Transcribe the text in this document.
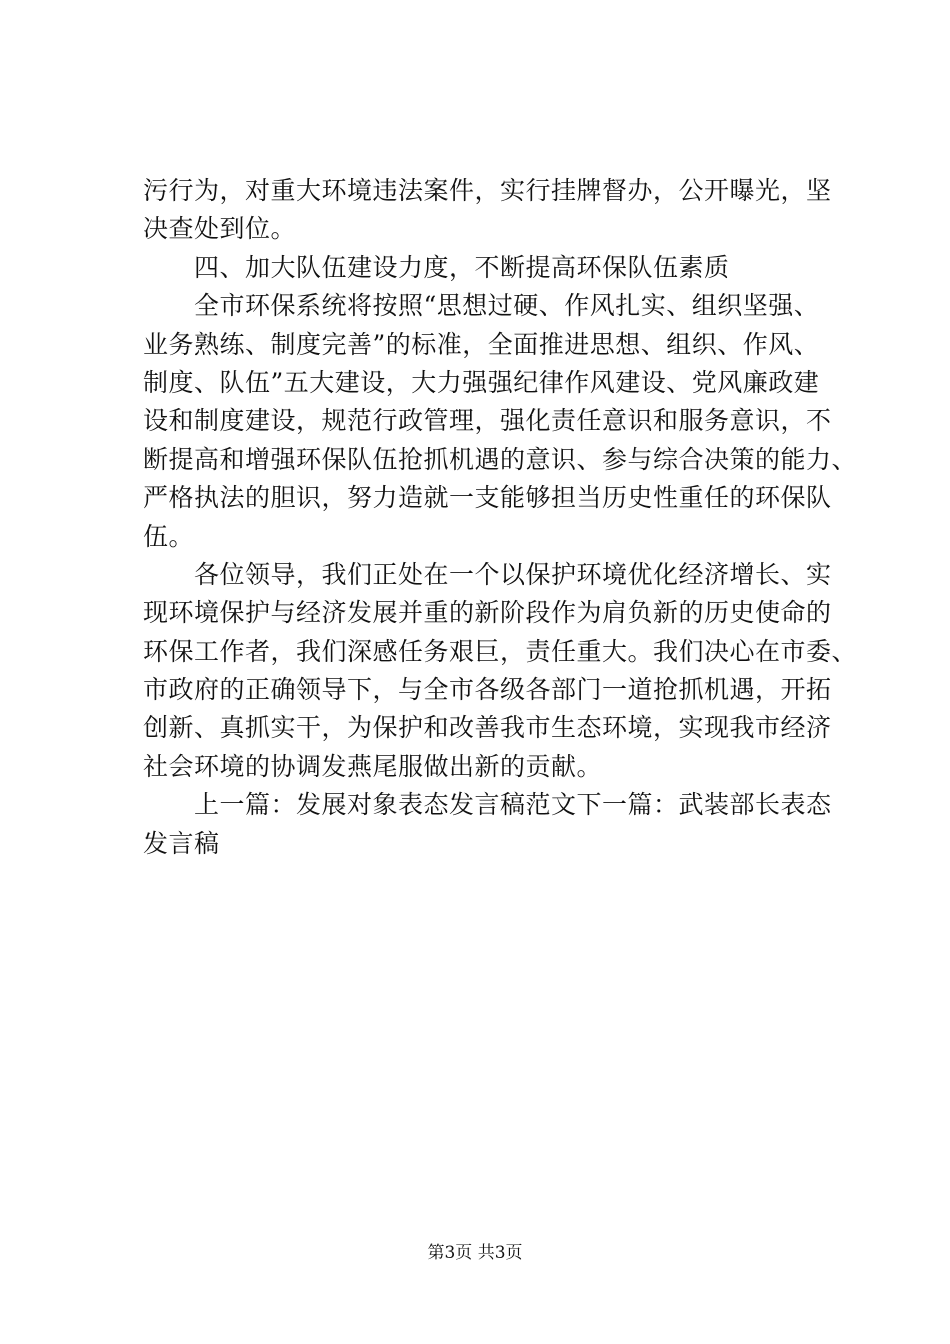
污行为，对重大环境违法案件，实行挂牌督办，公开曝光，坚
决查处到位。
　　四、加大队伍建设力度，不断提高环保队伍素质
　　全市环保系统将按照“思想过硬、作风扎实、组织坚强、
业务熟练、制度完善”的标准，全面推进思想、组织、作风、
制度、队伍”五大建设，大力强强纪律作风建设、党风廉政建
设和制度建设，规范行政管理，强化责任意识和服务意识，不
断提高和增强环保队伍抢抓机遇的意识、参与综合决策的能力、
严格执法的胆识，努力造就一支能够担当历史性重任的环保队
伍。
　　各位领导，我们正处在一个以保护环境优化经济增长、实
现环境保护与经济发展并重的新阶段作为肩负新的历史使命的
环保工作者，我们深感任务艰巨，责任重大。我们决心在市委、
市政府的正确领导下，与全市各级各部门一道抢抓机遇，开拓
创新、真抓实干，为保护和改善我市生态环境，实现我市经济
社会环境的协调发燕尾服做出新的贡献。
　　上一篇：发展对象表态发言稿范文下一篇：武装部长表态
发言稿
第3页 共3页
